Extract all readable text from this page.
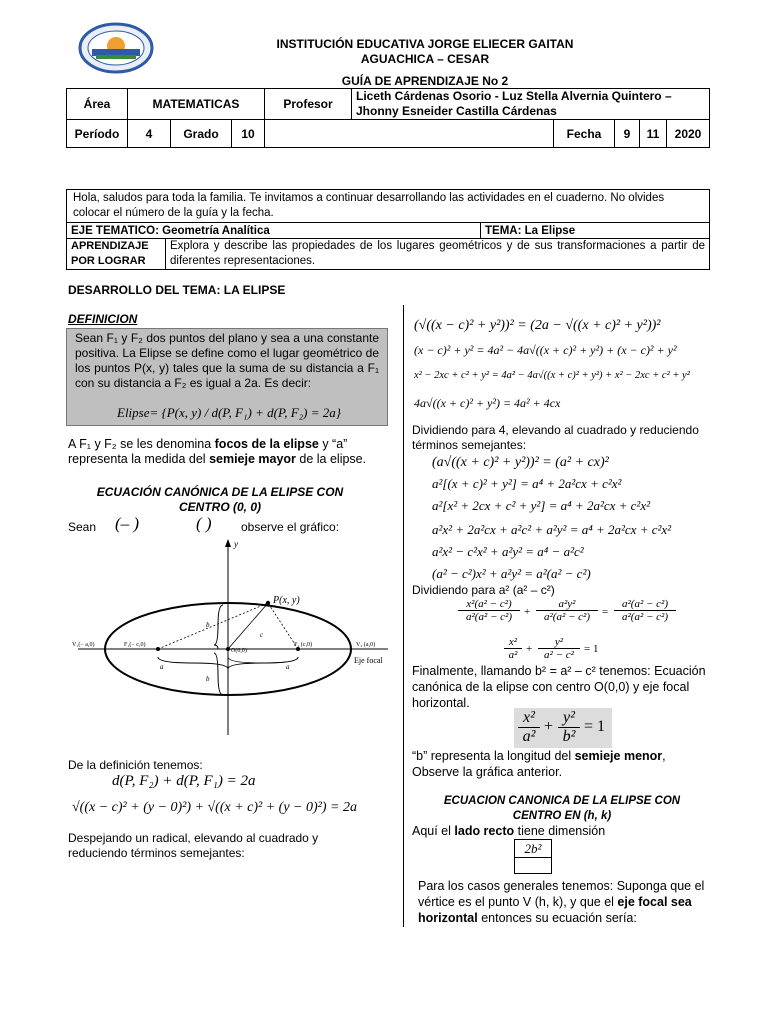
INSTITUCIÓN EDUCATIVA JORGE ELIECER GAITAN
AGUACHICA – CESAR
GUÍA DE APRENDIZAJE No 2
Área	MATEMATICAS			Profesor	Liceth Cárdenas Osorio - Luz Stella Alvernia Quintero –
Jhonny Esneider Castilla Cárdenas				

Período	4	Grado	10			Fecha	9	11	2020
Hola, saludos para toda la familia. Te invitamos a continuar desarrollando las actividades en el cuaderno. No olvides colocar el número de la guía y la fecha.		
EJE TEMATICO: Geometría Analítica		TEMA: La Elipse

APRENDIZAJE
POR LOGRAR	Explora y describe las propiedades de los lugares geométricos y de sus transformaciones a partir de diferentes representaciones.	
DESARROLLO DEL TEMA: LA ELIPSE
DEFINICION
Sean F₁ y F₂ dos puntos del plano y sea a una constante positiva. La Elipse se define como el lugar geométrico de los puntos P(x, y) tales que la suma de su distancia a F₁ con su distancia a F₂ es igual a 2a. Es decir:
Elipse= {P(x, y) / d(P, F₁) + d(P, F₂) = 2a}
A F₁ y F₂ se les denomina focos de la elipse y “a” representa la medida del semieje mayor de la elipse.
ECUACIÓN CANÓNICA DE LA ELIPSE CON
CENTRO (0, 0)
Sean (– )	( ) observe el gráfico:
y
P(x, y)
V₁(− a,0)	F₁(− c,0)
O(0,0)
F₂ (c,0)	V₂ (a,0)
Eje focal
a	a
b
b
c
De la definición tenemos:
d(P, F₂) + d(P, F₁) = 2a
√((x − c)² + (y − 0)²) + √((x + c)² + (y − 0)²) = 2a
Despejando un radical, elevando al cuadrado y reduciendo términos semejantes:
(√((x − c)² + y²))² = (2a − √((x + c)² + y²))²
(x − c)² + y² = 4a² − 4a√((x + c)² + y²) + (x − c)² + y²
x² − 2xc + c² + y² = 4a² − 4a√((x + c)² + y²) + x² − 2xc + c² + y²
4a√((x + c)² + y²) = 4a² + 4cx
Dividiendo para 4, elevando al cuadrado y reduciendo términos semejantes:
(a√((x + c)² + y²))² = (a² + cx)²
a²[(x + c)² + y²] = a⁴ + 2a²cx + c²x²
a²[x² + 2cx + c² + y²] = a⁴ + 2a²cx + c²x²
a²x² + 2a²cx + a²c² + a²y² = a⁴ + 2a²cx + c²x²
a²x² − c²x² + a²y² = a⁴ − a²c²
(a² − c²)x² + a²y² = a²(a² − c²)
Dividiendo para a² (a² – c²)
$\frac{\text{x²(a² − c²)}}{\text{a²(a² − c²)}} + \frac{\text{a²y²}}{\text{a²(a² − c²)}} = \frac{\text{a²(a² − c²)}}{\text{a²(a² − c²)}}$
$\frac{\text{x²}}{\text{a²}} + \frac{\text{y²}}{\text{a² − c²}} = 1$
Finalmente, llamando b² = a² – c² tenemos: Ecuación canónica de la elipse con centro O(0,0) y eje focal horizontal.
$\frac{\text{x²}}{\text{a²}} + \frac{\text{y²}}{\text{b²}} = 1$
“b” representa la longitud del semieje menor, Observe la gráfica anterior.
ECUACION CANONICA DE LA ELIPSE CON
CENTRO EN (h, k)
Aquí el lado recto tiene dimensión
2b²
Para los casos generales tenemos: Suponga que el vértice es el punto V (h, k), y que el eje focal sea horizontal entonces su ecuación sería:
